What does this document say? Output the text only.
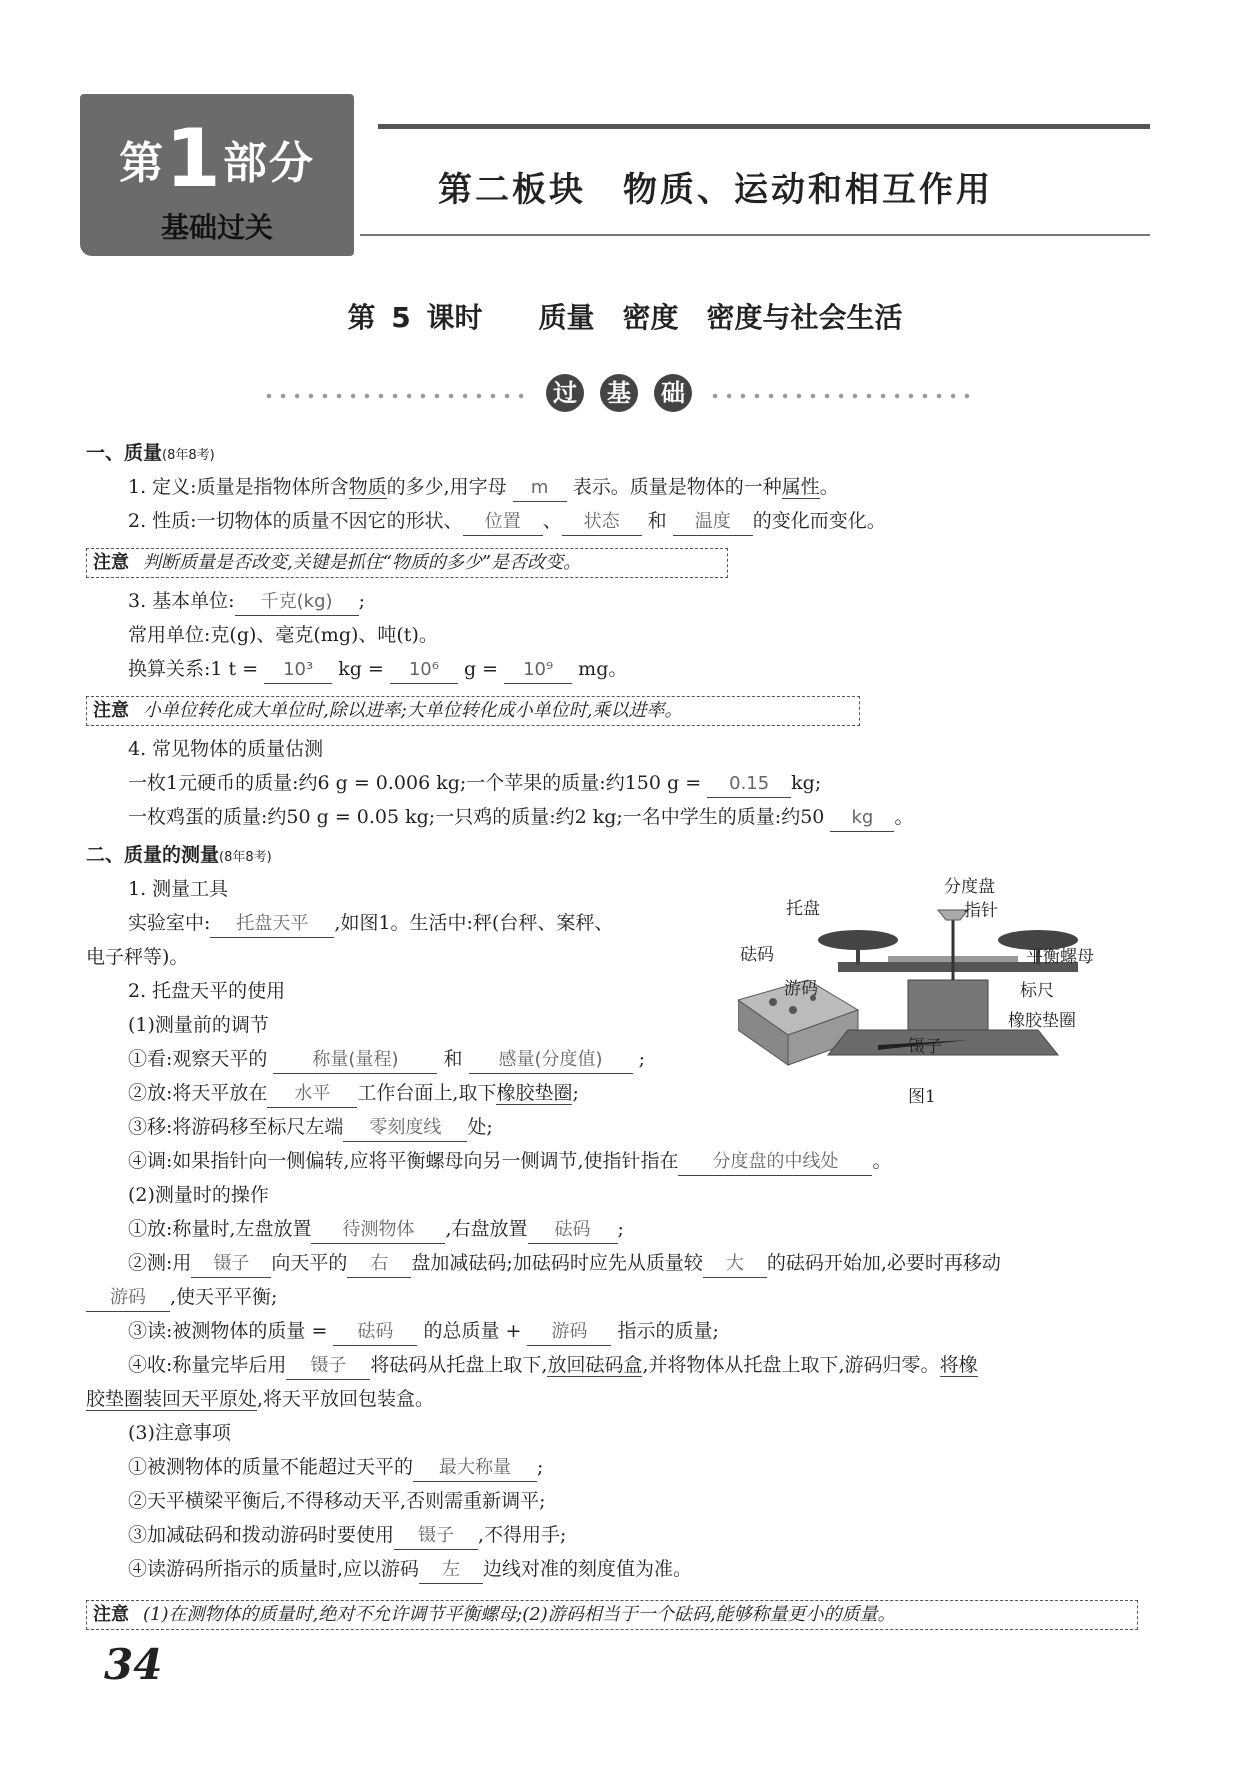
第1部分
基础过关
第二板块　物质、运动和相互作用
第 5 课时　　质量　密度　密度与社会生活
过 基 础
一、质量(8年8考)
1. 定义:质量是指物体所含物质的多少,用字母 m 表示。质量是物体的一种属性。
2. 性质:一切物体的质量不因它的形状、 位置 、 状态 和 温度 的变化而变化。
注意 判断质量是否改变,关键是抓住“物质的多少”是否改变。
3. 基本单位: 千克(kg) ;
常用单位:克(g)、毫克(mg)、吨(t)。
换算关系:1 t = 10³ kg = 10⁶ g = 10⁹ mg。
注意 小单位转化成大单位时,除以进率;大单位转化成小单位时,乘以进率。
4. 常见物体的质量估测
一枚1元硬币的质量:约6 g = 0.006 kg;一个苹果的质量:约150 g = 0.15 kg;
一枚鸡蛋的质量:约50 g = 0.05 kg;一只鸡的质量:约2 kg;一名中学生的质量:约50 kg 。
二、质量的测量(8年8考)
1. 测量工具
实验室中: 托盘天平 ,如图1。生活中:秤(台秤、案秤、
电子秤等)。
2. 托盘天平的使用
(1)测量前的调节
①看:观察天平的	称量(量程) 和 感量(分度值) ;
②放:将天平放在 水平 工作台面上,取下橡胶垫圈;
③移:将游码移至标尺左端 零刻度线 处;
④调:如果指针向一侧偏转,应将平衡螺母向另一侧调节,使指针指在 分度盘的中线处 。
(2)测量时的操作
①放:称量时,左盘放置 待测物体 ,右盘放置 砝码 ;
②测:用 镊子 向天平的 右 盘加减砝码;加砝码时应先从质量较 大 的砝码开始加,必要时再移动
游码 ,使天平平衡;
③读:被测物体的质量 = 砝码 的总质量 + 游码 指示的质量;
④收:称量完毕后用 镊子 将砝码从托盘上取下,放回砝码盒,并将物体从托盘上取下,游码归零。将橡
胶垫圈装回天平原处,将天平放回包装盒。
(3)注意事项
①被测物体的质量不能超过天平的 最大称量 ;
②天平横梁平衡后,不得移动天平,否则需重新调平;
③加减砝码和拨动游码时要使用 镊子 ,不得用手;
④读游码所指示的质量时,应以游码 左 边线对准的刻度值为准。
注意 (1)在测物体的质量时,绝对不允许调节平衡螺母;(2)游码相当于一个砝码,能够称量更小的质量。
托盘
分度盘
指针
砝码	平衡螺母
游码	标尺
橡胶垫圈
镊子
图1
34
